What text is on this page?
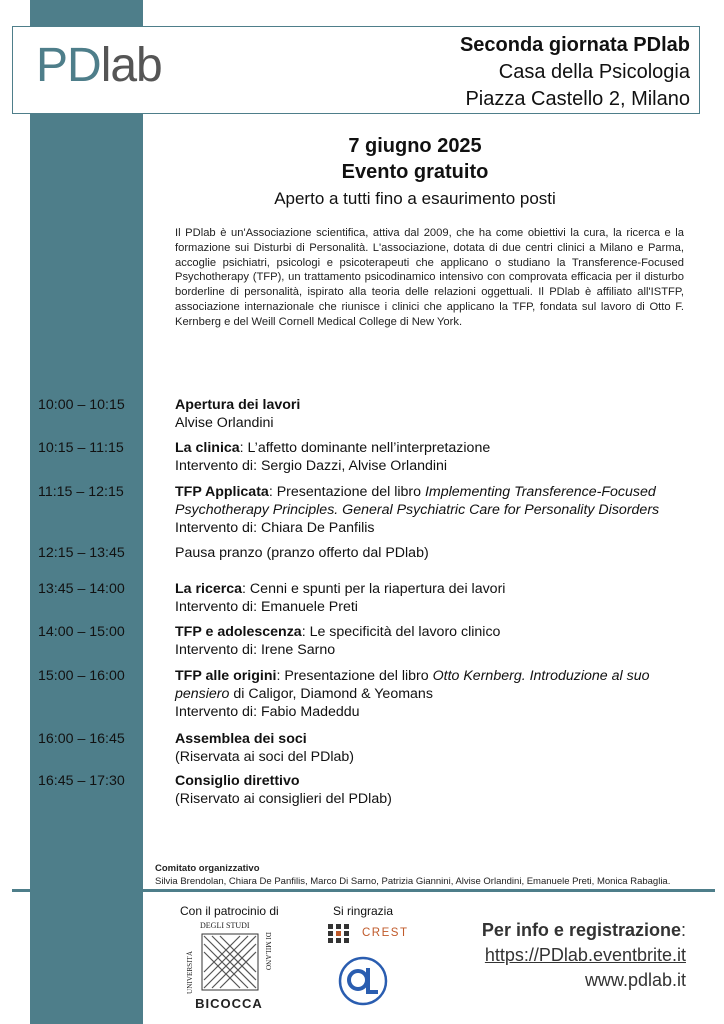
PDlab	Seconda giornata PDlab
Casa della Psicologia
Piazza Castello 2, Milano
7 giugno 2025
Evento gratuito
Aperto a tutti fino a esaurimento posti
Il PDlab è un'Associazione scientifica, attiva dal 2009, che ha come obiettivi la cura, la ricerca e la formazione sui Disturbi di Personalità. L'associazione, dotata di due centri clinici a Milano e Parma, accoglie psichiatri, psicologi e psicoterapeuti che applicano o studiano la Transference-Focused Psychotherapy (TFP), un trattamento psicodinamico intensivo con comprovata efficacia per il disturbo borderline di personalità, ispirato alla teoria delle relazioni oggettuali. Il PDlab è affiliato all'ISTFP, associazione internazionale che riunisce i clinici che applicano la TFP, fondata sul lavoro di Otto F. Kernberg e del Weill Cornell Medical College di New York.
10:00 – 10:15	Apertura dei lavori
Alvise Orlandini
10:15 – 11:15	La clinica: L’affetto dominante nell’interpretazione
Intervento di: Sergio Dazzi, Alvise Orlandini
11:15 – 12:15	TFP Applicata: Presentazione del libro Implementing Transference-Focused Psychotherapy Principles. General Psychiatric Care for Personality Disorders
Intervento di: Chiara De Panfilis
12:15 – 13:45	Pausa pranzo (pranzo offerto dal PDlab)
13:45 – 14:00	La ricerca: Cenni e spunti per la riapertura dei lavori
Intervento di: Emanuele Preti
14:00 – 15:00	TFP e adolescenza: Le specificità del lavoro clinico
Intervento di: Irene Sarno
15:00 – 16:00	TFP alle origini: Presentazione del libro Otto Kernberg. Introduzione al suo pensiero di Caligor, Diamond & Yeomans
Intervento di: Fabio Madeddu
16:00 – 16:45	Assemblea dei soci
(Riservata ai soci del PDlab)
16:45 – 17:30	Consiglio direttivo
(Riservato ai consiglieri del PDlab)
Comitato organizzativo
Silvia Brendolan, Chiara De Panfilis, Marco Di Sarno, Patrizia Giannini, Alvise Orlandini, Emanuele Preti, Monica Rabaglia.
Con il patrocinio di	Si ringrazia
UNIVERSITÀ
DEGLI STUDI
DI MILANO
BICOCCA
CREST	Per info e registrazione:
https://PDlab.eventbrite.it
www.pdlab.it
